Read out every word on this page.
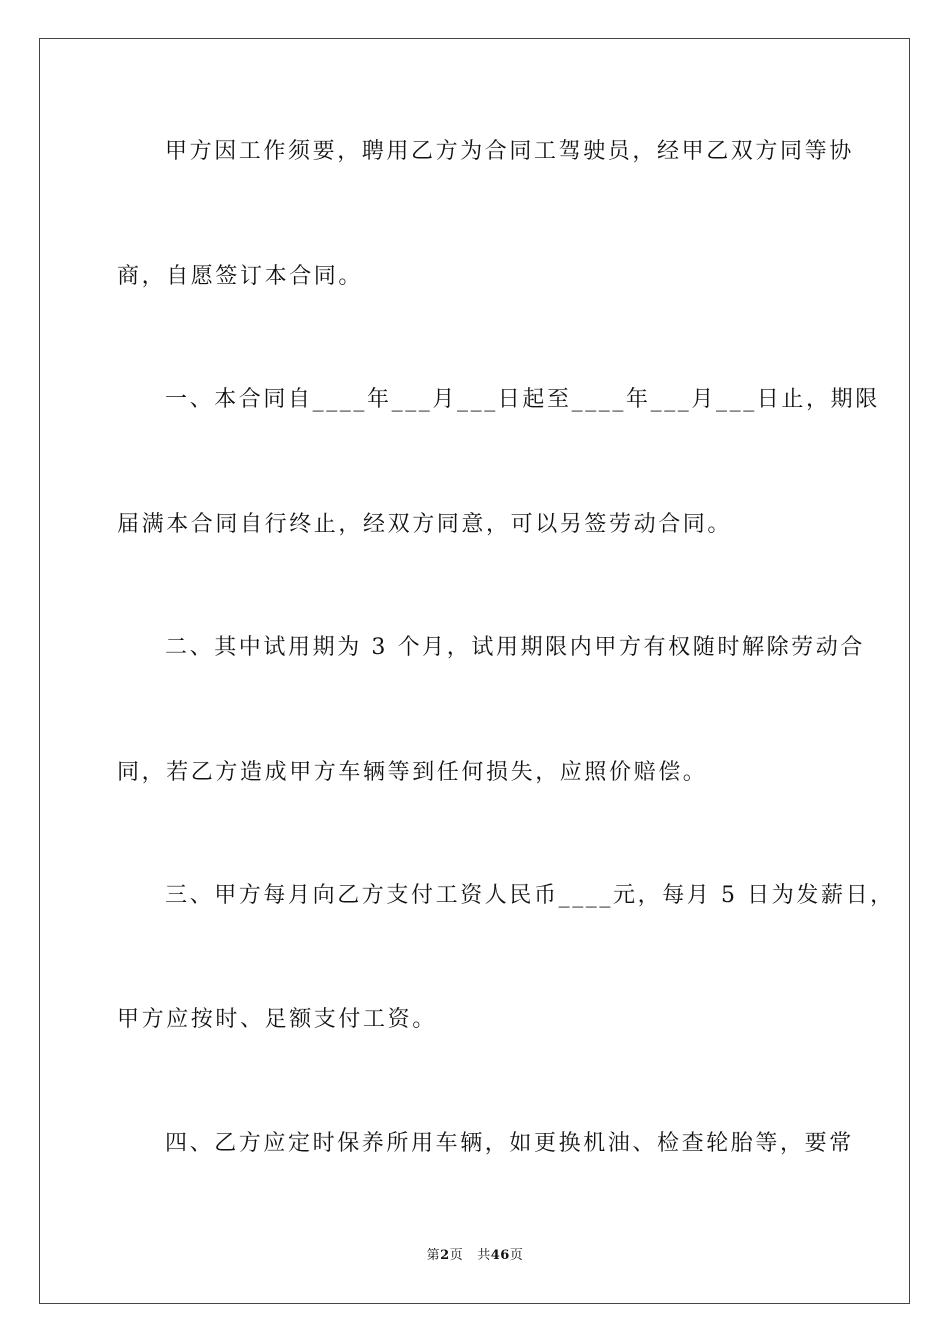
甲方因工作须要，聘用乙方为合同工驾驶员，经甲乙双方同等协
商，自愿签订本合同。
一、本合同自____年___月___日起至____年___月___日止，期限
届满本合同自行终止，经双方同意，可以另签劳动合同。
二、其中试用期为 3 个月，试用期限内甲方有权随时解除劳动合
同，若乙方造成甲方车辆等到任何损失，应照价赔偿。
三、甲方每月向乙方支付工资人民币____元，每月 5 日为发薪日，
甲方应按时、足额支付工资。
四、乙方应定时保养所用车辆，如更换机油、检查轮胎等，要常
第2页 共46页
